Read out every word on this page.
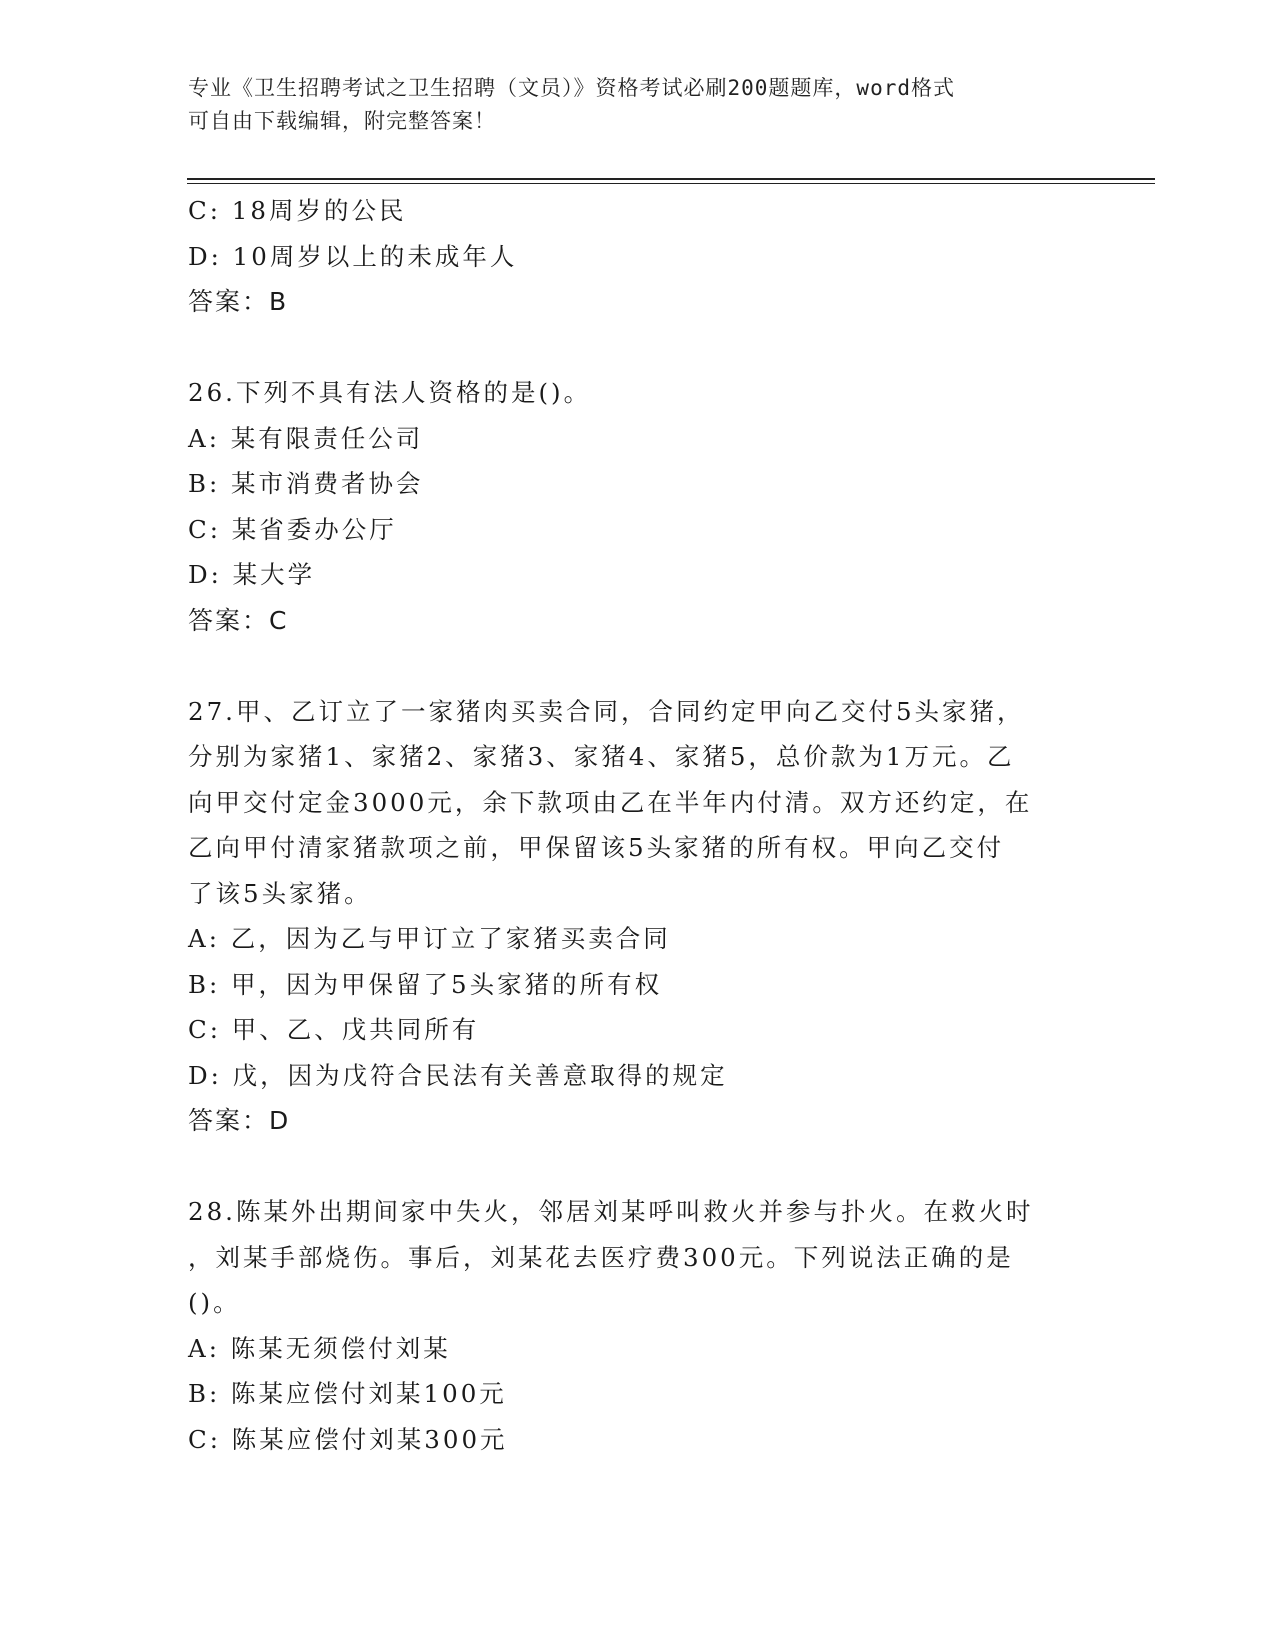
专业《卫生招聘考试之卫生招聘（文员）》资格考试必刷200题题库，word格式
可自由下载编辑，附完整答案！
C: 18周岁的公民
D: 10周岁以上的未成年人
答案：B
26.下列不具有法人资格的是()。
A: 某有限责任公司
B: 某市消费者协会
C: 某省委办公厅
D: 某大学
答案：C
27.甲、乙订立了一家猪肉买卖合同，合同约定甲向乙交付5头家猪，
分别为家猪1、家猪2、家猪3、家猪4、家猪5，总价款为1万元。乙
向甲交付定金3000元，余下款项由乙在半年内付清。双方还约定，在
乙向甲付清家猪款项之前，甲保留该5头家猪的所有权。甲向乙交付
了该5头家猪。
A: 乙，因为乙与甲订立了家猪买卖合同
B: 甲，因为甲保留了5头家猪的所有权
C: 甲、乙、戊共同所有
D: 戊，因为戊符合民法有关善意取得的规定
答案：D
28.陈某外出期间家中失火，邻居刘某呼叫救火并参与扑火。在救火时
，刘某手部烧伤。事后，刘某花去医疗费300元。下列说法正确的是
()。
A: 陈某无须偿付刘某
B: 陈某应偿付刘某100元
C: 陈某应偿付刘某300元
